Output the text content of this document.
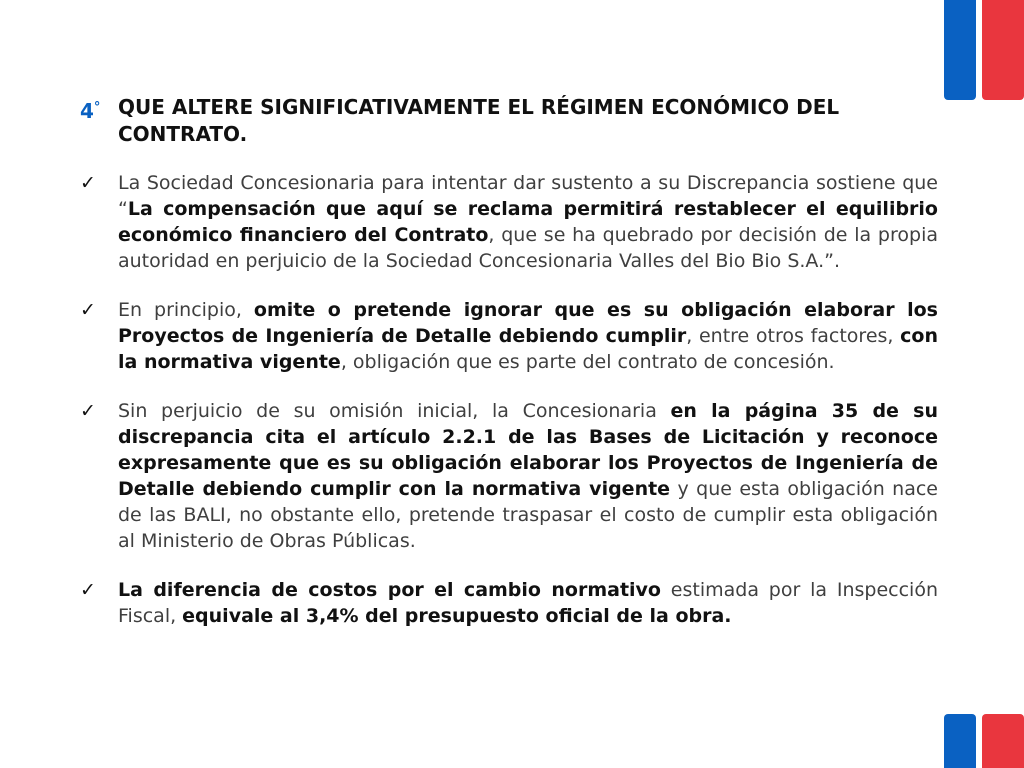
4° QUE ALTERE SIGNIFICATIVAMENTE EL RÉGIMEN ECONÓMICO DEL CONTRATO.
✓ La Sociedad Concesionaria para intentar dar sustento a su Discrepancia sostiene que “La compensación que aquí se reclama permitirá restablecer el equilibrio económico financiero del Contrato, que se ha quebrado por decisión de la propia autoridad en perjuicio de la Sociedad Concesionaria Valles del Bio Bio S.A.”.
✓ En principio, omite o pretende ignorar que es su obligación elaborar los Proyectos de Ingeniería de Detalle debiendo cumplir, entre otros factores, con la normativa vigente, obligación que es parte del contrato de concesión.
✓ Sin perjuicio de su omisión inicial, la Concesionaria en la página 35 de su discrepancia cita el artículo 2.2.1 de las Bases de Licitación y reconoce expresamente que es su obligación elaborar los Proyectos de Ingeniería de Detalle debiendo cumplir con la normativa vigente y que esta obligación nace de las BALI, no obstante ello, pretende traspasar el costo de cumplir esta obligación al Ministerio de Obras Públicas.
✓ La diferencia de costos por el cambio normativo estimada por la Inspección Fiscal, equivale al 3,4% del presupuesto oficial de la obra.
